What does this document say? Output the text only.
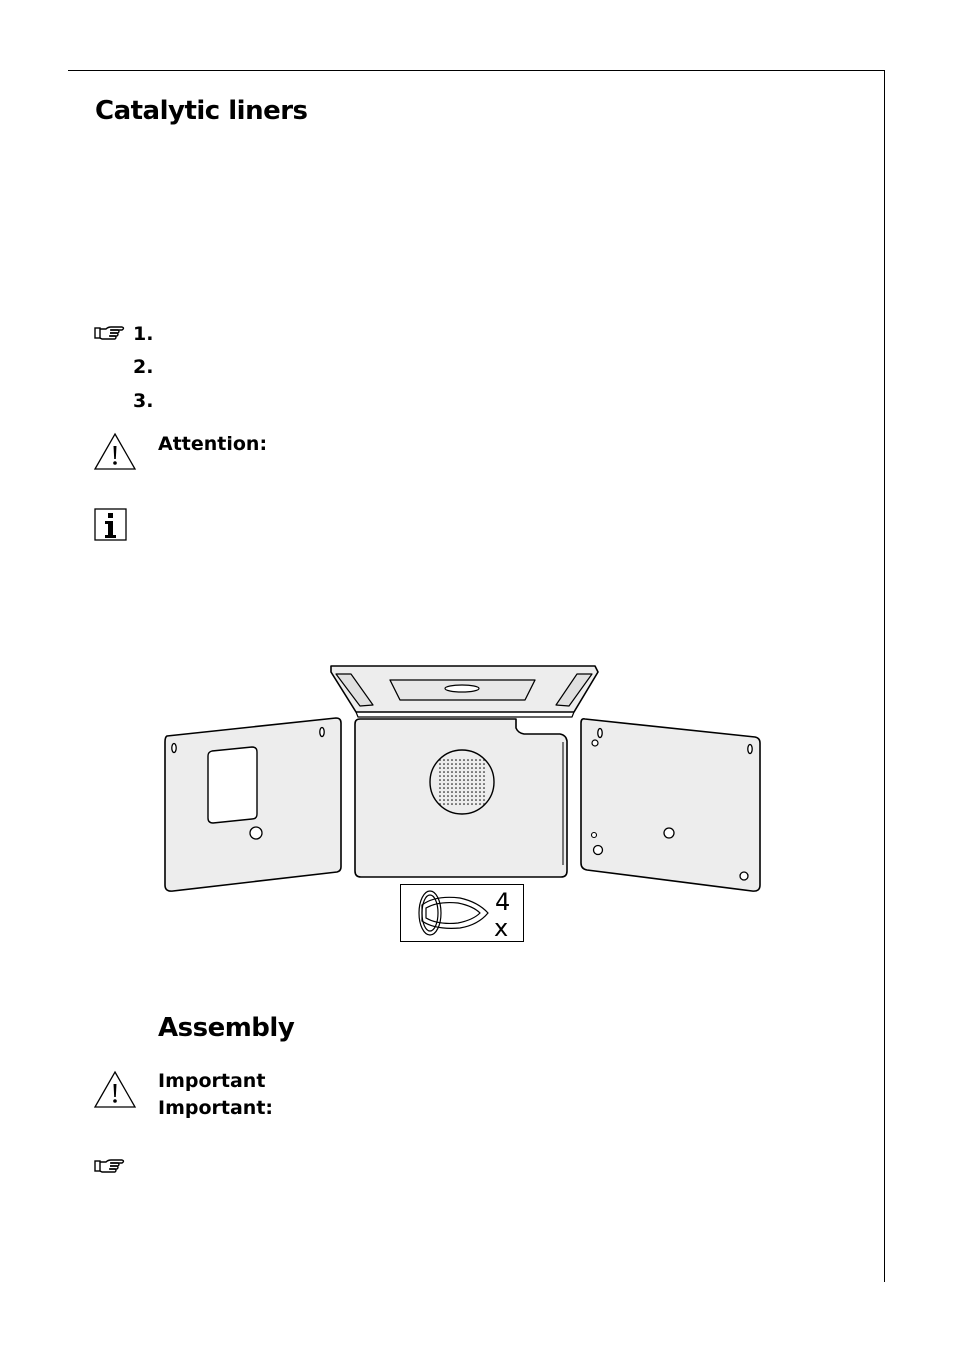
Catalytic liners
1.
2.
3.
Attention:
4
x
Assembly
Important
Important:
